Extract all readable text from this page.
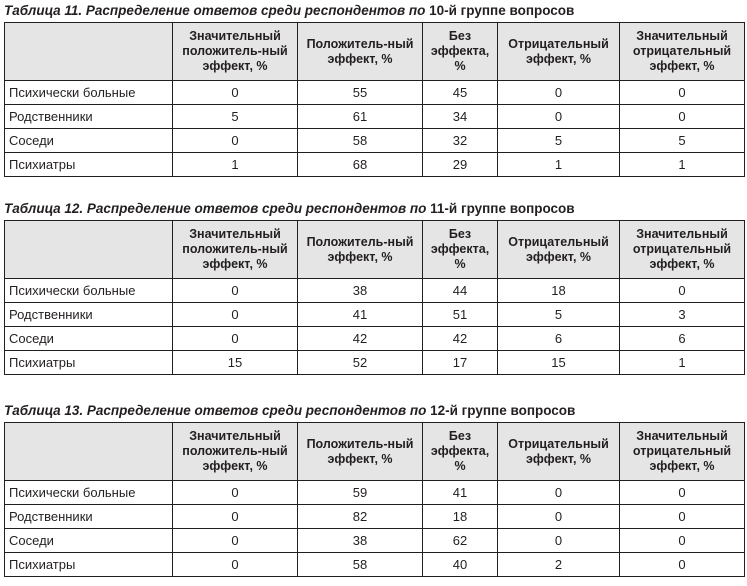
Таблица 11. Распределение ответов среди респондентов по 10-й группе вопросов
	Значительный положитель-ный эффект, %	Положитель-ный эффект, %	Без эффекта, %	Отрицательный эффект, %	Значительный отрицательный эффект, %
Психически больные	0	55	45	0	0
Родственники	5	61	34	0	0
Соседи	0	58	32	5	5
Психиатры	1	68	29	1	1
Таблица 12. Распределение ответов среди респондентов по 11-й группе вопросов
	Значительный положитель-ный эффект, %	Положитель-ный эффект, %	Без эффекта, %	Отрицательный эффект, %	Значительный отрицательный эффект, %
Психически больные	0	38	44	18	0
Родственники	0	41	51	5	3
Соседи	0	42	42	6	6
Психиатры	15	52	17	15	1
Таблица 13. Распределение ответов среди респондентов по 12-й группе вопросов
	Значительный положитель-ный эффект, %	Положитель-ный эффект, %	Без эффекта, %	Отрицательный эффект, %	Значительный отрицательный эффект, %
Психически больные	0	59	41	0	0
Родственники	0	82	18	0	0
Соседи	0	38	62	0	0
Психиатры	0	58	40	2	0
